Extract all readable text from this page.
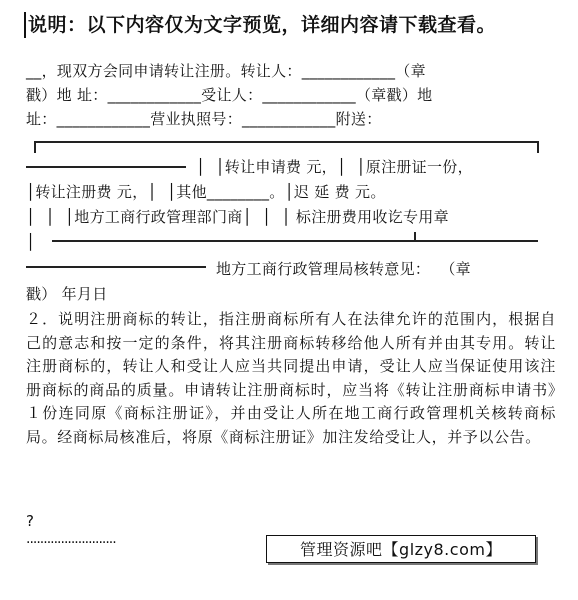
说明：以下内容仅为文字预览，详细内容请下载查看。
__，现双方会同申请转让注册。转让人：____________（章
戳）地 址：____________受让人：____________（章戳）地
址：____________营业执照号：____________附送：
│  │转让申请费 元，│  │原注册证一份，
│转让注册费 元，│  │其他________。│迟 延 费 元。
│  │  │地方工商行政管理部门商│  │  │ 标注册费用收讫专用章
│
地方工商行政管理局核转意见：  （章
戳） 年月日

２．说明注册商标的转让，指注册商标所有人在法律允许的范围内，根据自己的意志和按一定的条件，将其注册商标转移给他人所有并由其专用。转让注册商标的，转让人和受让人应当共同提出申请，受让人应当保证使用该注册商标的商品的质量。申请转让注册商标时，应当将《转让注册商标申请书》１份连同原《商标注册证》，并由受让人所在地工商行政管理机关核转商标局。经商标局核准后，将原《商标注册证》加注发给受让人，并予以公告。

?
··························	管理资源吧【glzy8.com】
